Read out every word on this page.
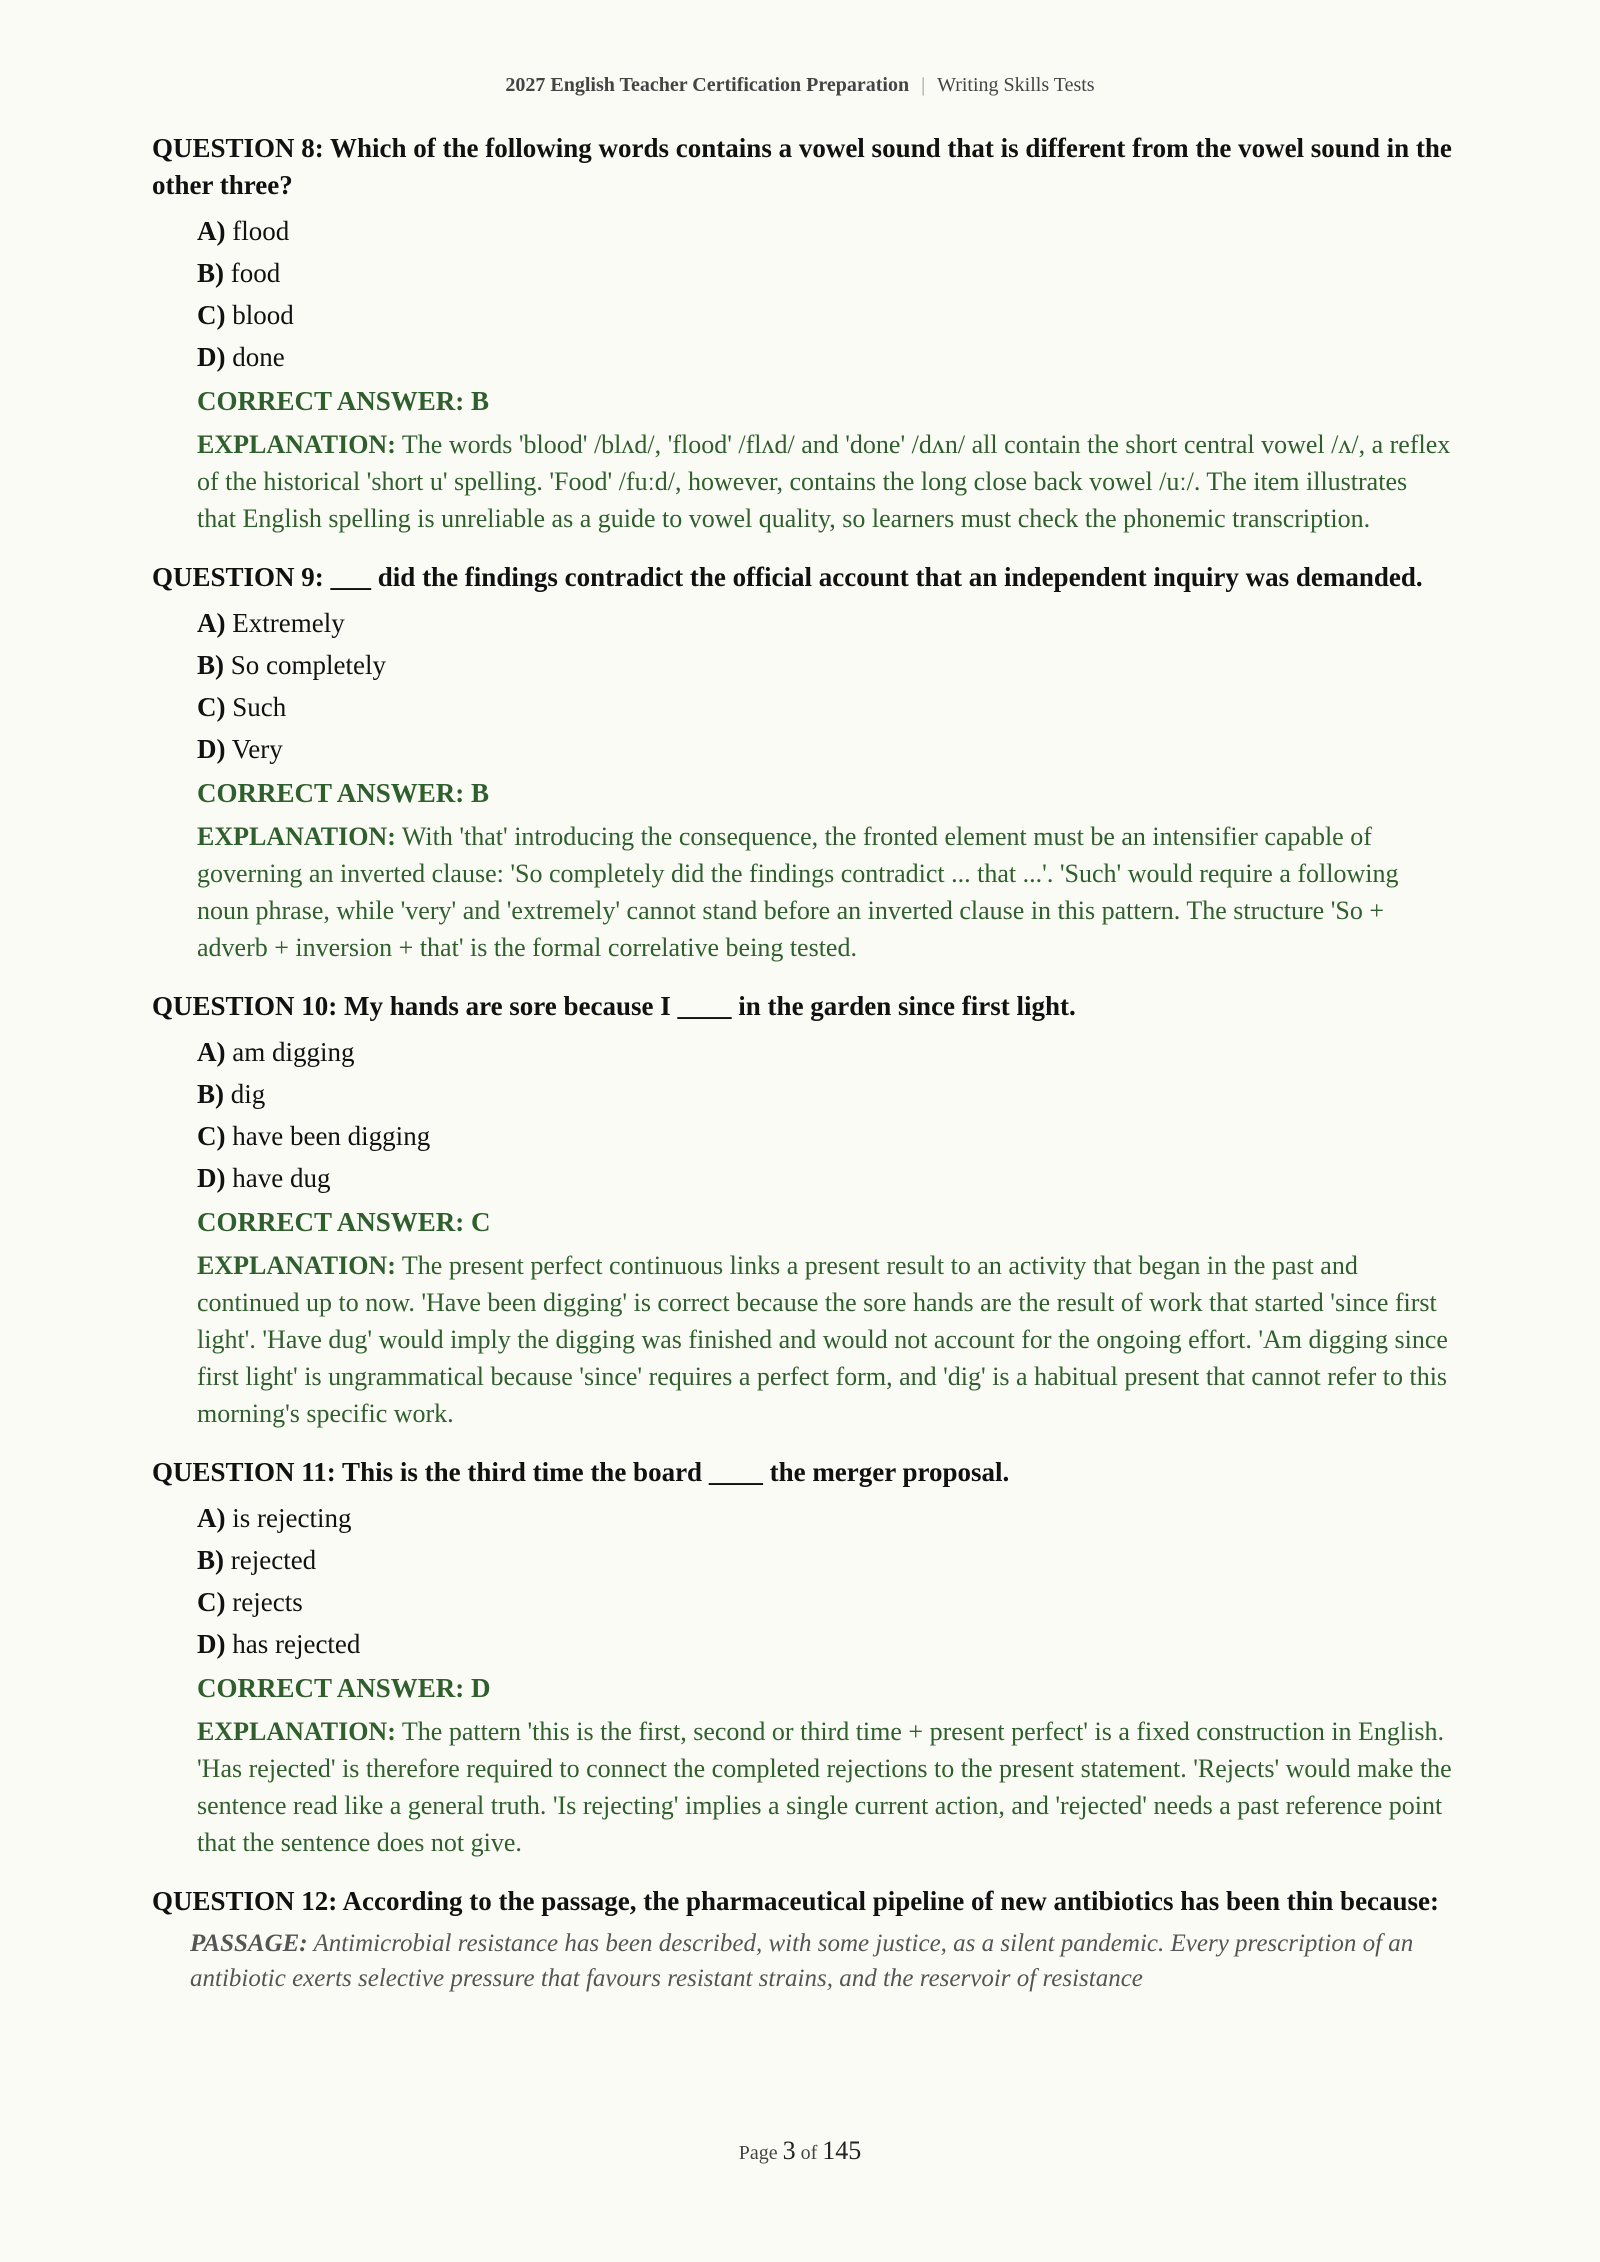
2027 English Teacher Certification Preparation | Writing Skills Tests

QUESTION 8: Which of the following words contains a vowel sound that is different from the vowel sound in the other three?

A) flood
B) food
C) blood
D) done
CORRECT ANSWER: B
EXPLANATION: The words 'blood' /blʌd/, 'flood' /flʌd/ and 'done' /dʌn/ all contain the short central vowel /ʌ/, a reflex of the historical 'short u' spelling. 'Food' /fuːd/, however, contains the long close back vowel /uː/. The item illustrates that English spelling is unreliable as a guide to vowel quality, so learners must check the phonemic transcription.

QUESTION 9: ___ did the findings contradict the official account that an independent inquiry was demanded.

A) Extremely
B) So completely
C) Such
D) Very
CORRECT ANSWER: B
EXPLANATION: With 'that' introducing the consequence, the fronted element must be an intensifier capable of governing an inverted clause: 'So completely did the findings contradict ... that ...'. 'Such' would require a following noun phrase, while 'very' and 'extremely' cannot stand before an inverted clause in this pattern. The structure 'So + adverb + inversion + that' is the formal correlative being tested.

QUESTION 10: My hands are sore because I ____ in the garden since first light.

A) am digging
B) dig
C) have been digging
D) have dug
CORRECT ANSWER: C
EXPLANATION: The present perfect continuous links a present result to an activity that began in the past and continued up to now. 'Have been digging' is correct because the sore hands are the result of work that started 'since first light'. 'Have dug' would imply the digging was finished and would not account for the ongoing effort. 'Am digging since first light' is ungrammatical because 'since' requires a perfect form, and 'dig' is a habitual present that cannot refer to this morning's specific work.

QUESTION 11: This is the third time the board ____ the merger proposal.

A) is rejecting
B) rejected
C) rejects
D) has rejected
CORRECT ANSWER: D
EXPLANATION: The pattern 'this is the first, second or third time + present perfect' is a fixed construction in English. 'Has rejected' is therefore required to connect the completed rejections to the present statement. 'Rejects' would make the sentence read like a general truth. 'Is rejecting' implies a single current action, and 'rejected' needs a past reference point that the sentence does not give.

QUESTION 12: According to the passage, the pharmaceutical pipeline of new antibiotics has been thin because:

PASSAGE: Antimicrobial resistance has been described, with some justice, as a silent pandemic. Every prescription of an antibiotic exerts selective pressure that favours resistant strains, and the reservoir of resistance
Page 3 of 145
